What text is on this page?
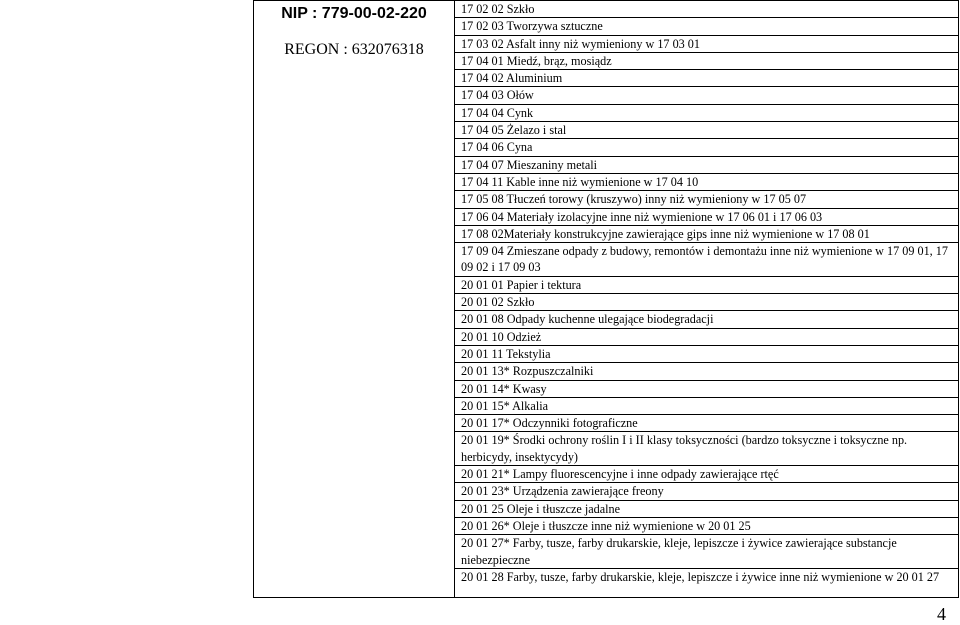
NIP : 779-00-02-220
REGON : 632076318
17 02 02 Szkło
17 02 03 Tworzywa sztuczne
17 03 02 Asfalt inny niż wymieniony w 17 03 01
17 04 01 Miedź, brąz, mosiądz
17 04 02 Aluminium
17 04 03 Ołów
17 04 04 Cynk
17 04 05 Żelazo i stal
17 04 06 Cyna
17 04 07 Mieszaniny metali
17 04 11 Kable inne niż wymienione w 17 04 10
17 05 08 Tłuczeń torowy (kruszywo) inny niż wymieniony w 17 05 07
17 06 04 Materiały izolacyjne inne niż wymienione w 17 06 01 i 17 06 03
17 08 02Materiały konstrukcyjne zawierające gips inne niż wymienione w 17 08 01
17 09 04 Zmieszane odpady z budowy, remontów i demontażu inne niż wymienione w 17 09 01, 17 09 02 i 17 09 03
20 01 01 Papier i tektura
20 01 02 Szkło
20 01 08 Odpady kuchenne ulegające biodegradacji
20 01 10 Odzież
20 01 11 Tekstylia
20 01 13* Rozpuszczalniki
20 01 14* Kwasy
20 01 15* Alkalia
20 01 17* Odczynniki fotograficzne
20 01 19* Środki ochrony roślin I i II klasy toksyczności (bardzo toksyczne i toksyczne np. herbicydy, insektycydy)
20 01 21* Lampy fluorescencyjne i inne odpady zawierające rtęć
20 01 23* Urządzenia zawierające freony
20 01 25 Oleje i tłuszcze jadalne
20 01 26* Oleje i tłuszcze inne niż wymienione w 20 01 25
20 01 27* Farby, tusze, farby drukarskie, kleje, lepiszcze i żywice zawierające substancje niebezpieczne
20 01 28 Farby, tusze, farby drukarskie, kleje, lepiszcze i żywice inne niż wymienione w 20 01 27
4
